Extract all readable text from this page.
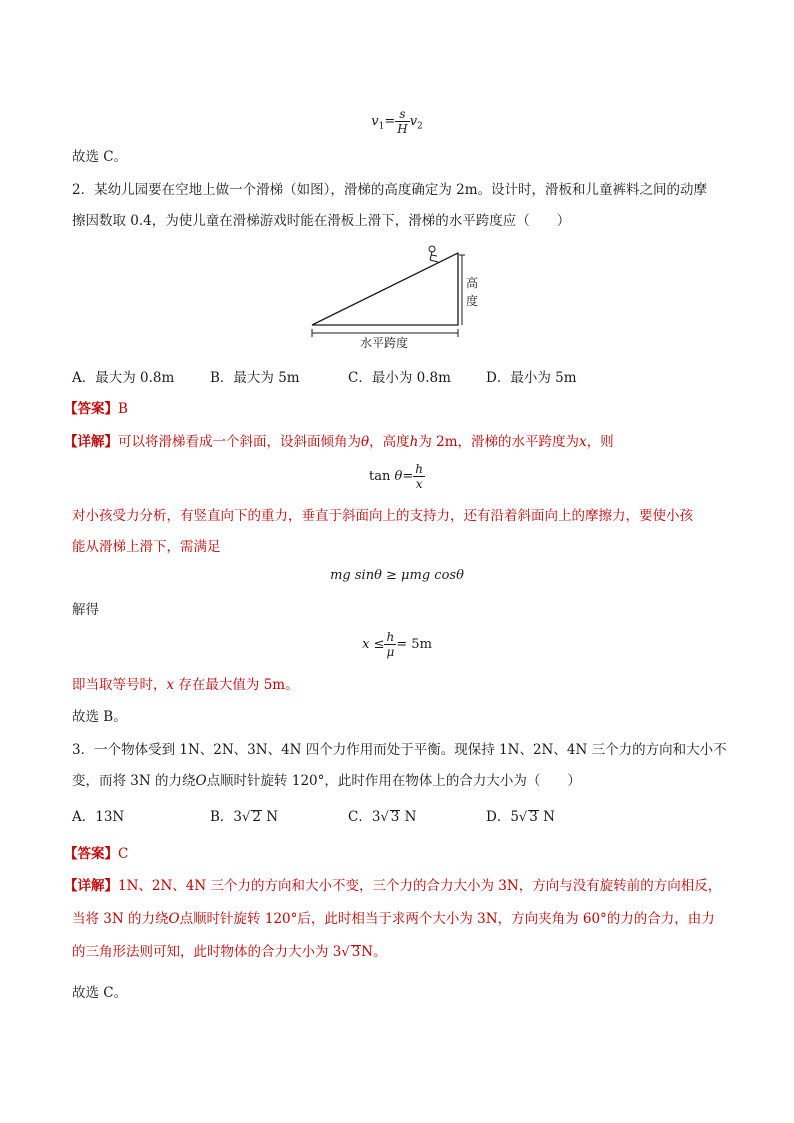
$v_1= \frac{s}{H} v_2$
故选 C。
2．某幼儿园要在空地上做一个滑梯（如图），滑梯的高度确定为 2m。设计时，滑板和儿童裤料之间的动摩
擦因数取 0.4，为使儿童在滑梯游戏时能在滑板上滑下，滑梯的水平跨度应（　　）
高
度
水平跨度
A．最大为 0.8m	B．最大为 5m	C．最小为 0.8m	D．最小为 5m
【答案】B
【详解】可以将滑梯看成一个斜面，设斜面倾角为θ，高度h为 2m，滑梯的水平跨度为x，则
$\tan \theta= \frac{h}{x}$
对小孩受力分析，有竖直向下的重力，垂直于斜面向上的支持力，还有沿着斜面向上的摩擦力，要使小孩
能从滑梯上滑下，需满足
mg sinθ ≥ μmg cosθ
解得
$x \le \frac{h}{\mu} = 5m$
即当取等号时，x 存在最大值为 5m。
故选 B。
3．一个物体受到 1N、2N、3N、4N 四个力作用而处于平衡。现保持 1N、2N、4N 三个力的方向和大小不
变，而将 3N 的力绕O点顺时针旋转 120°，此时作用在物体上的合力大小为（　　）
A．13N	B．3√ 2 N	C．3√ 3 N	D．5√ 3 N
【答案】C
【详解】1N、2N、4N 三个力的方向和大小不变，三个力的合力大小为 3N，方向与没有旋转前的方向相反，
当将 3N 的力绕O点顺时针旋转 120°后，此时相当于求两个大小为 3N，方向夹角为 60°的力的合力，由力
的三角形法则可知，此时物体的合力大小为 3√ 3N。
故选 C。
